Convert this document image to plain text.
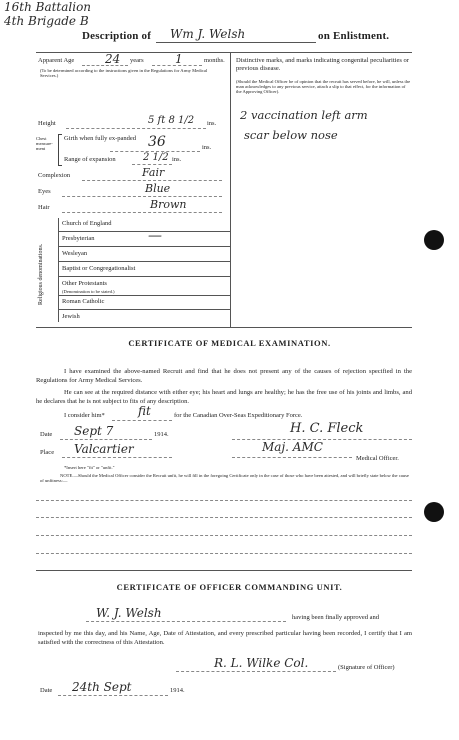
16th Battalion
4th Brigade B
Description of Wm J. Welsh	on Enlistment.
Apparent Age	24 years	1	months.
(To be determined according to the instructions given in the Regulations for Army Medical Services.)
Height	5 ft 8 1/2 ins.
Chest measure-ment
Girth when fully ex-panded 36	ins.
Range of expansion	2 1/2 ins.
Complexion	Fair
Eyes	Blue
Hair	Brown
Religious denominations.
Church of England
Presbyterian	—
Wesleyan
Baptist or Congregationalist
Other Protestants
(Denomination to be stated.)
Roman Catholic
Jewish
Distinctive marks, and marks indicating congenital peculiarities or previous disease.
(Should the Medical Officer be of opinion that the recruit has served before, he will, unless the man acknowledges to any previous service, attach a slip to that effect, for the information of the Approving Officer).
2 vaccination left arm
scar below nose
CERTIFICATE OF MEDICAL EXAMINATION.
I have examined the above-named Recruit and find that he does not present any of the causes of rejection specified in the Regulations for Army Medical Services.
He can see at the required distance with either eye; his heart and lungs are healthy; he has the free use of his joints and limbs, and he declares that he is not subject to fits of any description.
I consider him*	fit	for the Canadian Over-Seas Expeditionary Force.
Date Sept 7	1914.	H. C. Fleck
Place Valcartier	Maj. AMC
Medical Officer.
*Insert here "fit" or "unfit."
NOTE.—Should the Medical Officer consider the Recruit unfit, he will fill in the foregoing Certificate only in the case of those who have been attested, and will briefly state below the cause of unfitness:—
CERTIFICATE OF OFFICER COMMANDING UNIT.
W. J. Welsh	having been finally approved and
inspected by me this day, and his Name, Age, Date of Attestation, and every prescribed particular having been recorded, I certify that I am satisfied with the correctness of this Attestation.
R. L. Wilke Col.	(Signature of Officer)
Date 24th Sept	1914.
